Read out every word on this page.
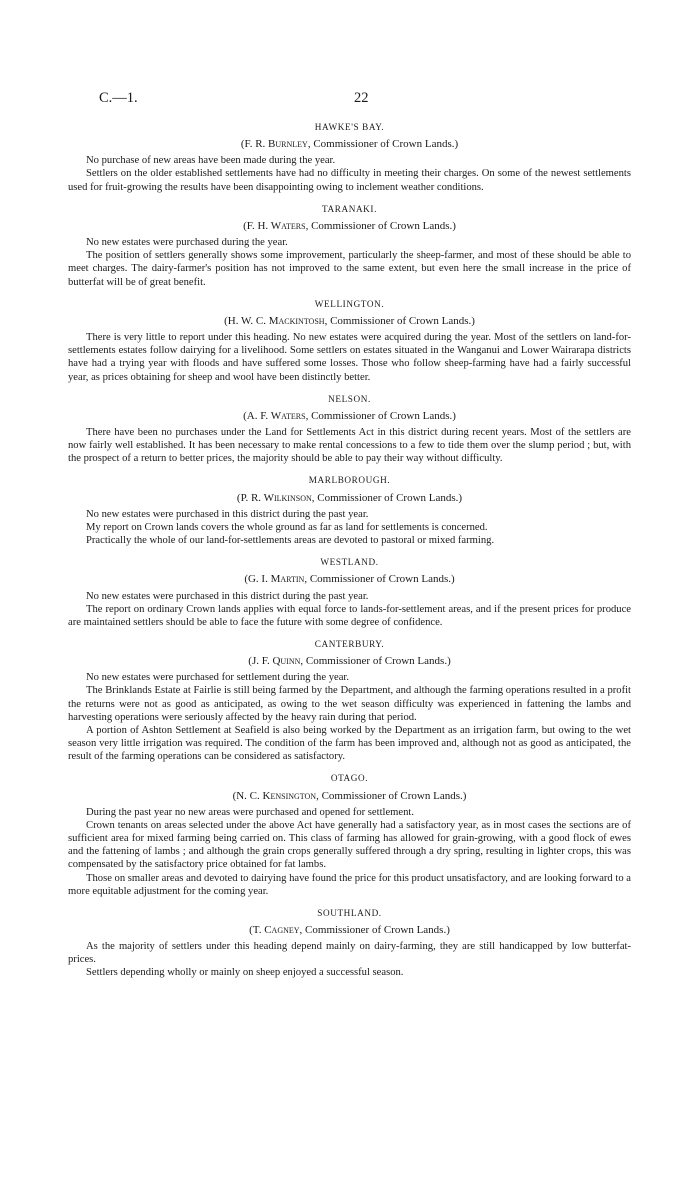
C.—1.	22
HAWKE'S BAY.
(F. R. Burnley, Commissioner of Crown Lands.)

No purchase of new areas have been made during the year.

Settlers on the older established settlements have had no difficulty in meeting their charges. On some of the newest settlements used for fruit-growing the results have been disappointing owing to inclement weather conditions.

TARANAKI.
(F. H. Waters, Commissioner of Crown Lands.)

No new estates were purchased during the year.

The position of settlers generally shows some improvement, particularly the sheep-farmer, and most of these should be able to meet charges. The dairy-farmer's position has not improved to the same extent, but even here the small increase in the price of butterfat will be of great benefit.

WELLINGTON.
(H. W. C. Mackintosh, Commissioner of Crown Lands.)

There is very little to report under this heading. No new estates were acquired during the year. Most of the settlers on land-for-settlements estates follow dairying for a livelihood. Some settlers on estates situated in the Wanganui and Lower Wairarapa districts have had a trying year with floods and have suffered some losses. Those who follow sheep-farming have had a fairly successful year, as prices obtaining for sheep and wool have been distinctly better.

NELSON.
(A. F. Waters, Commissioner of Crown Lands.)

There have been no purchases under the Land for Settlements Act in this district during recent years. Most of the settlers are now fairly well established. It has been necessary to make rental concessions to a few to tide them over the slump period ; but, with the prospect of a return to better prices, the majority should be able to pay their way without difficulty.

MARLBOROUGH.
(P. R. Wilkinson, Commissioner of Crown Lands.)

No new estates were purchased in this district during the past year.

My report on Crown lands covers the whole ground as far as land for settlements is concerned.

Practically the whole of our land-for-settlements areas are devoted to pastoral or mixed farming.

WESTLAND.
(G. I. Martin, Commissioner of Crown Lands.)

No new estates were purchased in this district during the past year.

The report on ordinary Crown lands applies with equal force to lands-for-settlement areas, and if the present prices for produce are maintained settlers should be able to face the future with some degree of confidence.

CANTERBURY.
(J. F. Quinn, Commissioner of Crown Lands.)

No new estates were purchased for settlement during the year.

The Brinklands Estate at Fairlie is still being farmed by the Department, and although the farming operations resulted in a profit the returns were not as good as anticipated, as owing to the wet season difficulty was experienced in fattening the lambs and harvesting operations were seriously affected by the heavy rain during that period.

A portion of Ashton Settlement at Seafield is also being worked by the Department as an irrigation farm, but owing to the wet season very little irrigation was required. The condition of the farm has been improved and, although not as good as anticipated, the result of the farming operations can be considered as satisfactory.

OTAGO.
(N. C. Kensington, Commissioner of Crown Lands.)

During the past year no new areas were purchased and opened for settlement.

Crown tenants on areas selected under the above Act have generally had a satisfactory year, as in most cases the sections are of sufficient area for mixed farming being carried on. This class of farming has allowed for grain-growing, with a good flock of ewes and the fattening of lambs ; and although the grain crops generally suffered through a dry spring, resulting in lighter crops, this was compensated by the satisfactory price obtained for fat lambs.

Those on smaller areas and devoted to dairying have found the price for this product unsatisfactory, and are looking forward to a more equitable adjustment for the coming year.

SOUTHLAND.
(T. Cagney, Commissioner of Crown Lands.)

As the majority of settlers under this heading depend mainly on dairy-farming, they are still handicapped by low butterfat-prices.

Settlers depending wholly or mainly on sheep enjoyed a successful season.
